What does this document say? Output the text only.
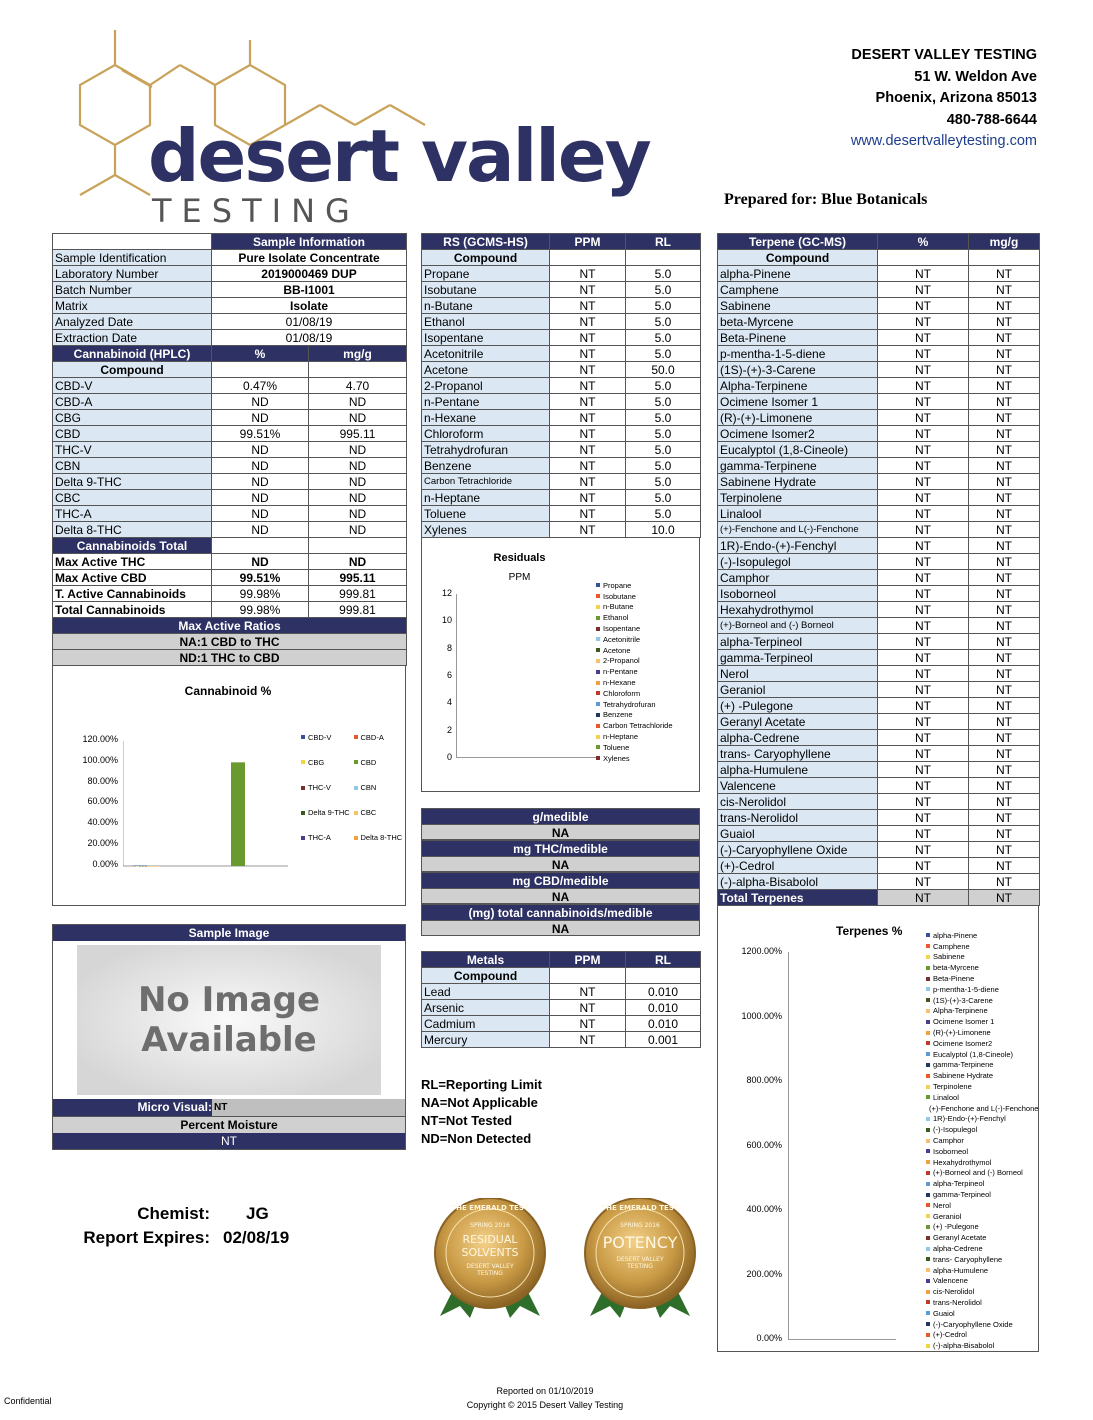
desert valley
TESTING
DESERT VALLEY TESTING
51 W. Weldon Ave
Phoenix, Arizona 85013
480-788-6644
www.desertvalleytesting.com
Prepared for: Blue Botanicals
	Sample Information	
Sample Identification	Pure Isolate Concentrate	
Laboratory Number	2019000469 DUP	
Batch Number	BB-I1001	
Matrix	Isolate	
Analyzed Date	01/08/19	
Extraction Date	01/08/19	
Cannabinoid (HPLC)	%	mg/g
Compound		
CBD-V	0.47%	4.70
CBD-A	ND	ND
CBG	ND	ND
CBD	99.51%	995.11
THC-V	ND	ND
CBN	ND	ND
Delta 9-THC	ND	ND
CBC	ND	ND
THC-A	ND	ND
Delta 8-THC	ND	ND
Cannabinoids Total		
Max Active THC	ND	ND
Max Active CBD	99.51%	995.11
T. Active Cannabinoids	99.98%	999.81
Total Cannabinoids	99.98%	999.81
Max Active Ratios		
NA:1 CBD to THC		
ND:1 THC to CBD		
Cannabinoid %
120.00%
100.00%
80.00%
60.00%
40.00%
20.00%
0.00%
CBD-V	CBD-A
CBG	CBD
THC-V	CBN
Delta 9-THC CBC
THC-A	Delta 8-THC
Sample Image
No Image
Available
Micro Visual: NT
Percent Moisture
NT
Chemist: JG
Report Expires: 02/08/19
RS (GCMS-HS)	PPM	RL
Compound		
Propane	NT	5.0
Isobutane	NT	5.0
n-Butane	NT	5.0
Ethanol	NT	5.0
Isopentane	NT	5.0
Acetonitrile	NT	5.0
Acetone	NT	50.0
2-Propanol	NT	5.0
n-Pentane	NT	5.0
n-Hexane	NT	5.0
Chloroform	NT	5.0
Tetrahydrofuran	NT	5.0
Benzene	NT	5.0
Carbon Tetrachloride	NT	5.0
n-Heptane	NT	5.0
Toluene	NT	5.0
Xylenes	NT	10.0
Residuals
PPM
12
10
8
6
4
2
0
Propane
Isobutane
n-Butane
Ethanol
Isopentane
Acetonitrile
Acetone
2-Propanol
n-Pentane
n-Hexane
Chloroform
Tetrahydrofuran
Benzene
Carbon Tetrachloride
n-Heptane
Toluene
Xylenes
g/medible
NA
mg THC/medible
NA
mg CBD/medible
NA
(mg) total cannabinoids/medible
NA
Metals	PPM	RL
Compound		
Lead	NT	0.010
Arsenic	NT	0.010
Cadmium	NT	0.010
Mercury	NT	0.001
RL=Reporting Limit
NA=Not Applicable
NT=Not Tested
ND=Non Detected
THE EMERALD TEST
SPRING 2016
RESIDUAL
SOLVENTS
DESERT VALLEY
TESTING
THE EMERALD TEST
SPRING 2016
POTENCY
DESERT VALLEY
TESTING
Terpene (GC-MS)	%	mg/g
Compound		
alpha-Pinene	NT	NT
Camphene	NT	NT
Sabinene	NT	NT
beta-Myrcene	NT	NT
Beta-Pinene	NT	NT
p-mentha-1-5-diene	NT	NT
(1S)-(+)-3-Carene	NT	NT
Alpha-Terpinene	NT	NT
Ocimene Isomer 1	NT	NT
(R)-(+)-Limonene	NT	NT
Ocimene Isomer2	NT	NT
Eucalyptol (1,8-Cineole)	NT	NT
gamma-Terpinene	NT	NT
Sabinene Hydrate	NT	NT
Terpinolene	NT	NT
Linalool	NT	NT
(+)-Fenchone and L(-)-Fenchone	NT	NT
1R)-Endo-(+)-Fenchyl	NT	NT
(-)-Isopulegol	NT	NT
Camphor	NT	NT
Isoborneol	NT	NT
Hexahydrothymol	NT	NT
(+)-Borneol and (-) Borneol	NT	NT
alpha-Terpineol	NT	NT
gamma-Terpineol	NT	NT
Nerol	NT	NT
Geraniol	NT	NT
(+) -Pulegone	NT	NT
Geranyl Acetate	NT	NT
alpha-Cedrene	NT	NT
trans- Caryophyllene	NT	NT
alpha-Humulene	NT	NT
Valencene	NT	NT
cis-Nerolidol	NT	NT
trans-Nerolidol	NT	NT
Guaiol	NT	NT
(-)-Caryophyllene Oxide	NT	NT
(+)-Cedrol	NT	NT
(-)-alpha-Bisabolol	NT	NT
Total Terpenes	NT	NT
Terpenes %
1200.00%
1000.00%
800.00%
600.00%
400.00%
200.00%
0.00%
alpha-Pinene
Camphene
Sabinene
beta-Myrcene
Beta-Pinene
p-mentha-1-5-diene
(1S)-(+)-3-Carene
Alpha-Terpinene
Ocimene Isomer 1
(R)-(+)-Limonene
Ocimene Isomer2
Eucalyptol (1,8-Cineole)
gamma-Terpinene
Sabinene Hydrate
Terpinolene
Linalool
(+)-Fenchone and L(-)-Fenchone
1R)-Endo-(+)-Fenchyl
(-)-Isopulegol
Camphor
Isoborneol
Hexahydrothymol
(+)-Borneol and (-) Borneol
alpha-Terpineol
gamma-Terpineol
Nerol
Geraniol
(+) -Pulegone
Geranyl Acetate
alpha-Cedrene
trans- Caryophyllene
alpha-Humulene
Valencene
cis-Nerolidol
trans-Nerolidol
Guaiol
(-)-Caryophyllene Oxide
(+)-Cedrol
(-)-alpha-Bisabolol
Confidential
Reported on 01/10/2019
Copyright © 2015 Desert Valley Testing
